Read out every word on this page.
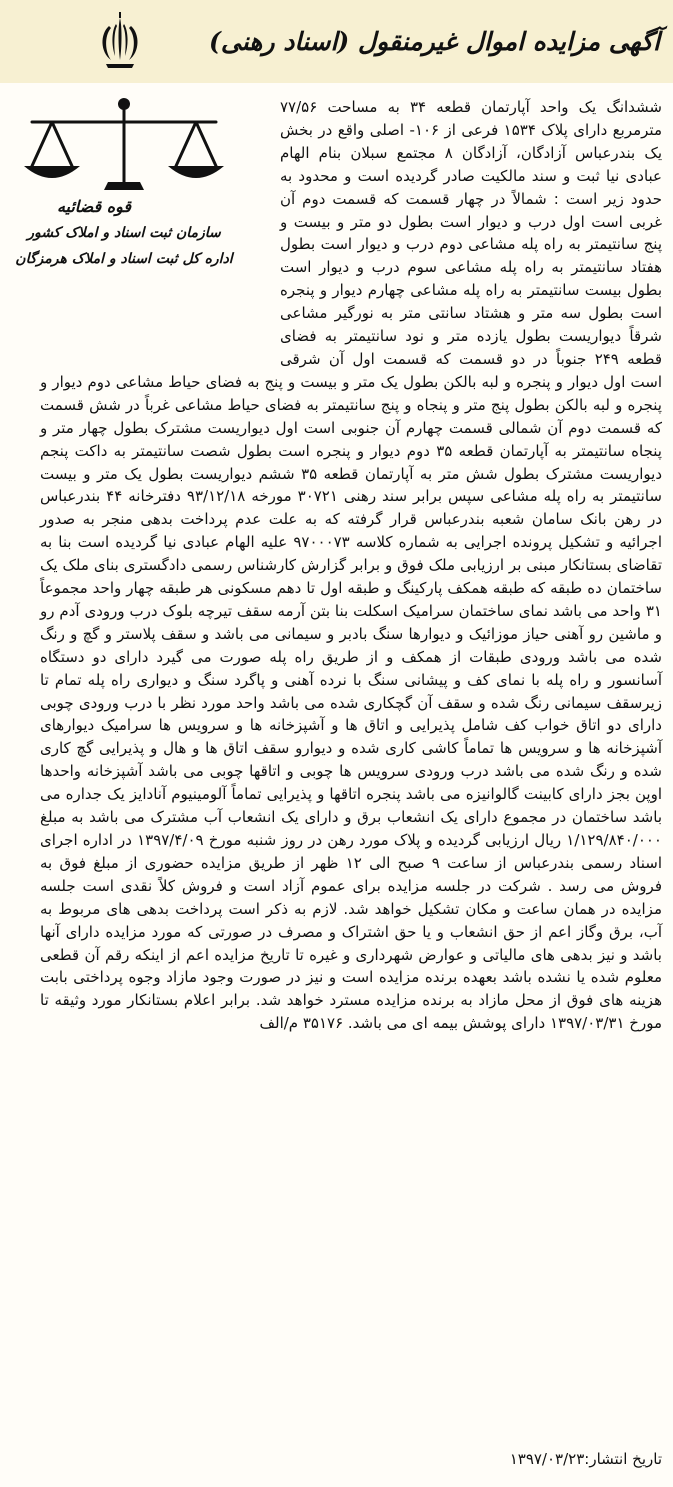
آگهی مزایده اموال غیرمنقول (اسناد رهنی)
قوه قضائیه
سازمان ثبت اسناد و املاک کشور
اداره کل ثبت اسناد و املاک هرمزگان
ششدانگ یک واحد آپارتمان قطعه ۳۴ به مساحت ۷۷/۵۶ مترمربع دارای پلاک ۱۵۳۴ فرعی از ۱۰۶- اصلی واقع در بخش یک بندرعباس آزادگان، آزادگان ۸ مجتمع سبلان بنام الهام عبادی نیا ثبت و سند مالکیت صادر گردیده است و محدود به حدود زیر است : شمالاً در چهار قسمت که قسمت دوم آن غربی است اول درب و دیوار است بطول دو متر و بیست و پنج سانتیمتر به راه پله مشاعی دوم درب و دیوار است بطول هفتاد سانتیمتر به راه پله مشاعی سوم درب و دیوار است بطول بیست سانتیمتر به راه پله مشاعی چهارم دیوار و پنجره است بطول سه متر و هشتاد سانتی متر به نورگیر مشاعی شرقاً دیواریست بطول یازده متر و نود سانتیمتر به فضای قطعه ۲۴۹ جنوباً در دو قسمت که قسمت اول آن شرقی است اول دیوار و پنجره و لبه بالکن بطول یک متر و بیست و پنج به فضای حیاط مشاعی دوم دیوار و پنجره و لبه بالکن بطول پنج متر و پنجاه و پنج سانتیمتر به فضای حیاط مشاعی غرباً در شش قسمت که قسمت دوم آن شمالی قسمت چهارم آن جنوبی است اول دیواریست مشترک بطول چهار متر و پنجاه سانتیمتر به آپارتمان قطعه ۳۵ دوم دیوار و پنجره است بطول شصت سانتیمتر به داکت پنجم دیواریست مشترک بطول شش متر به آپارتمان قطعه ۳۵ ششم دیواریست بطول یک متر و بیست سانتیمتر به راه پله مشاعی سپس برابر سند رهنی ۳۰۷۲۱ مورخه ۹۳/۱۲/۱۸ دفترخانه ۴۴ بندرعباس در رهن بانک سامان شعبه بندرعباس قرار گرفته که به علت عدم پرداخت بدهی منجر به صدور اجرائیه و تشکیل پرونده اجرایی به شماره کلاسه ۹۷۰۰۰۷۳ علیه الهام عبادی نیا گردیده است بنا به تقاضای بستانکار مبنی بر ارزیابی ملک فوق و برابر گزارش کارشناس رسمی دادگستری بنای ملک یک ساختمان ده طبقه که طبقه همکف پارکینگ و طبقه اول تا دهم مسکونی هر طبقه چهار واحد مجموعاً ۳۱ واحد می باشد نمای ساختمان سرامیک اسکلت بنا بتن آرمه سقف تیرچه بلوک درب ورودی آدم رو و ماشین رو آهنی حیاز موزائیک و دیوارها سنگ بادبر و سیمانی می باشد و سقف پلاستر و گچ و رنگ شده می باشد ورودی طبقات از همکف و از طریق راه پله صورت می گیرد دارای دو دستگاه آسانسور و راه پله با نمای کف و پیشانی سنگ با نرده آهنی و پاگرد سنگ و دیواری راه پله تمام تا زیرسقف سیمانی رنگ شده و سقف آن گچکاری شده می باشد واحد مورد نظر با درب ورودی چوبی دارای دو اتاق خواب کف شامل پذیرایی و اتاق ها و آشپزخانه ها و سرویس ها سرامیک دیوارهای آشپزخانه ها و سرویس ها تماماً کاشی کاری شده و دیوارو سقف اتاق ها و هال و پذیرایی گچ کاری شده و رنگ شده می باشد درب ورودی سرویس ها چوبی و اتاقها چوبی می باشد آشپزخانه واحدها اوپن بجز دارای کابینت گالوانیزه می باشد پنجره اتاقها و پذیرایی تماماً آلومینیوم آنادایز یک جداره می باشد ساختمان در مجموع دارای یک انشعاب برق و دارای یک انشعاب آب مشترک می باشد به مبلغ ۱/۱۲۹/۸۴۰/۰۰۰ ریال ارزیابی گردیده و پلاک مورد رهن در روز شنبه مورخ ۱۳۹۷/۴/۰۹ در اداره اجرای اسناد رسمی بندرعباس از ساعت ۹ صبح الی ۱۲ ظهر از طریق مزایده حضوری از مبلغ فوق به فروش می رسد . شرکت در جلسه مزایده برای عموم آزاد است و فروش کلاً نقدی است جلسه مزایده در همان ساعت و مکان تشکیل خواهد شد. لازم به ذکر است پرداخت بدهی های مربوط به آب، برق وگاز اعم از حق انشعاب و یا حق اشتراک و مصرف در صورتی که مورد مزایده دارای آنها باشد و نیز بدهی های مالیاتی و عوارض شهرداری و غیره تا تاریخ مزایده اعم از اینکه رقم آن قطعی معلوم شده یا نشده باشد بعهده برنده مزایده است و نیز در صورت وجود مازاد وجوه پرداختی بابت هزینه های فوق از محل مازاد به برنده مزایده مسترد خواهد شد. برابر اعلام بستانکار مورد وثیقه تا مورخ ۱۳۹۷/۰۳/۳۱ دارای پوشش بیمه ای می باشد. ۳۵۱۷۶ م/الف
تاریخ انتشار:۱۳۹۷/۰۳/۲۳
